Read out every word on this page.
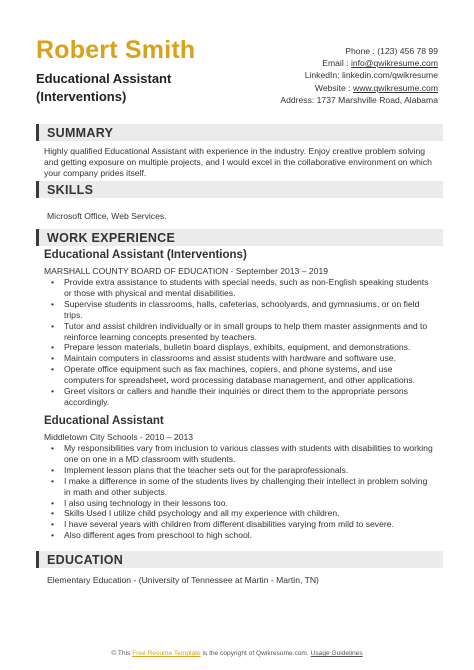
Robert Smith
Educational Assistant
(Interventions)
Phone : (123) 456 78 99
Email : info@qwikresume.com
LinkedIn: linkedin.com/qwikresume
Website : www.qwikresume.com
Address: 1737 Marshville Road, Alabama
SUMMARY
Highly qualified Educational Assistant with experience in the industry. Enjoy creative problem solving and getting exposure on multiple projects, and I would excel in the collaborative environment on which your company prides itself.
SKILLS
Microsoft Office, Web Services.
WORK EXPERIENCE
Educational Assistant (Interventions)
MARSHALL COUNTY BOARD OF EDUCATION - September 2013 – 2019
• Provide extra assistance to students with special needs, such as non-English speaking students or those with physical and mental disabilities.
• Supervise students in classrooms, halls, cafeterias, schoolyards, and gymnasiums, or on field trips.
• Tutor and assist children individually or in small groups to help them master assignments and to reinforce learning concepts presented by teachers.
• Prepare lesson materials, bulletin board displays, exhibits, equipment, and demonstrations.
• Maintain computers in classrooms and assist students with hardware and software use.
• Operate office equipment such as fax machines, copiers, and phone systems, and use computers for spreadsheet, word processing database management, and other applications.
• Greet visitors or callers and handle their inquiries or direct them to the appropriate persons accordingly.
Educational Assistant
Middletown City Schools - 2010 – 2013
• My responsibilities vary from inclusion to various classes with students with disabilities to working one on one in a MD classroom with students.
• Implement lesson plans that the teacher sets out for the paraprofessionals.
• I make a difference in some of the students lives by challenging their intellect in problem solving in math and other subjects.
• I also using technology in their lessons too.
• Skills Used I utilize child psychology and all my experience with children.
• I have several years with children from different disabilities varying from mild to severe.
• Also different ages from preschool to high school.
EDUCATION
Elementary Education - (University of Tennessee at Martin - Martin, TN)
© This Free Resume Template is the copyright of Qwikresume.com. Usage Guidelines
